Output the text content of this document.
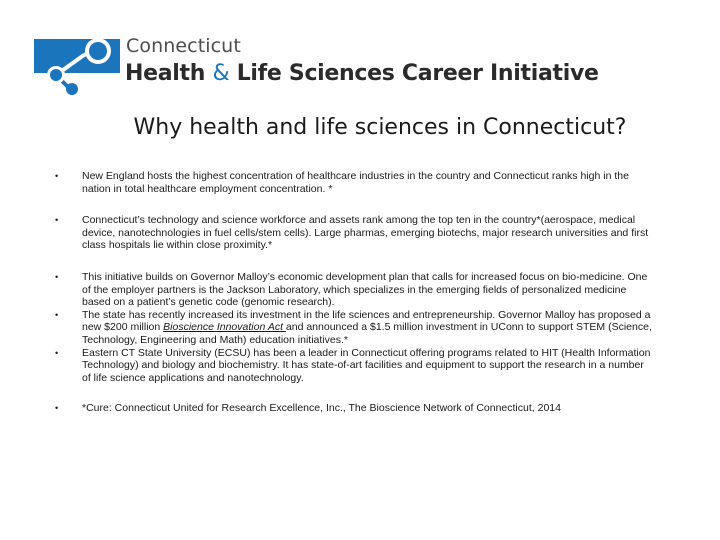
Connecticut
Health & Life Sciences Career Initiative
Why health and life sciences in Connecticut?
• New England hosts the highest concentration of healthcare industries in the country and Connecticut ranks high in the nation in total healthcare employment concentration. *
• Connecticut’s technology and science workforce and assets rank among the top ten in the country*(aerospace, medical device, nanotechnologies in fuel cells/stem cells). Large pharmas, emerging biotechs, major research universities and first class hospitals lie within close proximity.*
• This initiative builds on Governor Malloy’s economic development plan that calls for increased focus on bio-medicine. One of the employer partners is the Jackson Laboratory, which specializes in the emerging fields of personalized medicine based on a patient’s genetic code (genomic research).
• The state has recently increased its investment in the life sciences and entrepreneurship. Governor Malloy has proposed a new $200 million Bioscience Innovation Act and announced a $1.5 million investment in UConn to support STEM (Science, Technology, Engineering and Math) education initiatives.*
• Eastern CT State University (ECSU) has been a leader in Connecticut offering programs related to HIT (Health Information Technology) and biology and biochemistry. It has state-of-art facilities and equipment to support the research in a number of life science applications and nanotechnology.
• *Cure: Connecticut United for Research Excellence, Inc., The Bioscience Network of Connecticut, 2014
